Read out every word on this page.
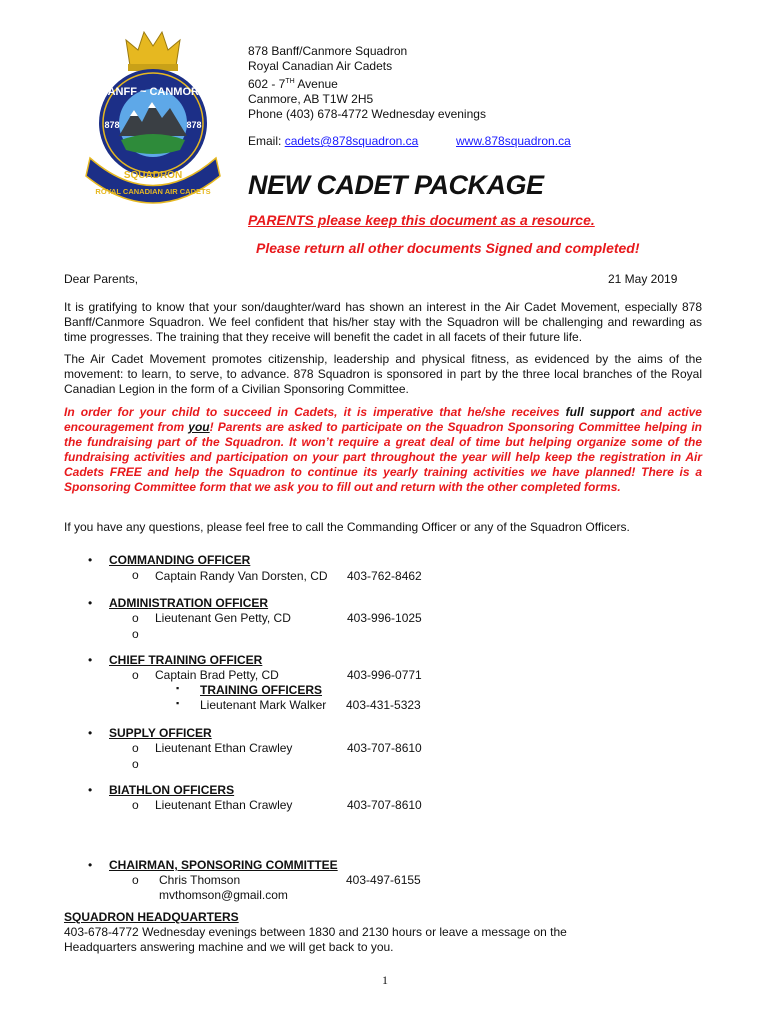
BANFF ~ CANMORE
878	878
SQUADRON
ROYAL CANADIAN AIR CADETS
878 Banff/Canmore Squadron
Royal Canadian Air Cadets
602 - 7TH Avenue
Canmore, AB T1W 2H5
Phone (403) 678-4772 Wednesday evenings
Email: cadets@878squadron.ca	www.878squadron.ca
NEW CADET PACKAGE
PARENTS please keep this document as a resource.
Please return all other documents Signed and completed!
Dear Parents,	21 May 2019
It is gratifying to know that your son/daughter/ward has shown an interest in the Air Cadet Movement, especially 878 Banff/Canmore Squadron. We feel confident that his/her stay with the Squadron will be challenging and rewarding as time progresses. The training that they receive will benefit the cadet in all facets of their future life.
The Air Cadet Movement promotes citizenship, leadership and physical fitness, as evidenced by the aims of the movement: to learn, to serve, to advance. 878 Squadron is sponsored in part by the three local branches of the Royal Canadian Legion in the form of a Civilian Sponsoring Committee.
In order for your child to succeed in Cadets, it is imperative that he/she receives full support and active encouragement from you! Parents are asked to participate on the Squadron Sponsoring Committee helping in the fundraising part of the Squadron. It won’t require a great deal of time but helping organize some of the fundraising activities and participation on your part throughout the year will help keep the registration in Air Cadets FREE and help the Squadron to continue its yearly training activities we have planned! There is a Sponsoring Committee form that we ask you to fill out and return with the other completed forms.
If you have any questions, please feel free to call the Commanding Officer or any of the Squadron Officers.
• COMMANDING OFFICER
o Captain Randy Van Dorsten, CD 403-762-8462
• ADMINISTRATION OFFICER
o Lieutenant Gen Petty, CD	403-996-1025
o
• CHIEF TRAINING OFFICER
o Captain Brad Petty, CD	403-996-0771
▪ TRAINING OFFICERS
▪ Lieutenant Mark Walker 403-431-5323
• SUPPLY OFFICER
o Lieutenant Ethan Crawley	403-707-8610
o
• BIATHLON OFFICERS
o Lieutenant Ethan Crawley	403-707-8610
• CHAIRMAN, SPONSORING COMMITTEE
o Chris Thomson	403-497-6155
mvthomson@gmail.com
SQUADRON HEADQUARTERS
403-678-4772 Wednesday evenings between 1830 and 2130 hours or leave a message on the
Headquarters answering machine and we will get back to you.
1
